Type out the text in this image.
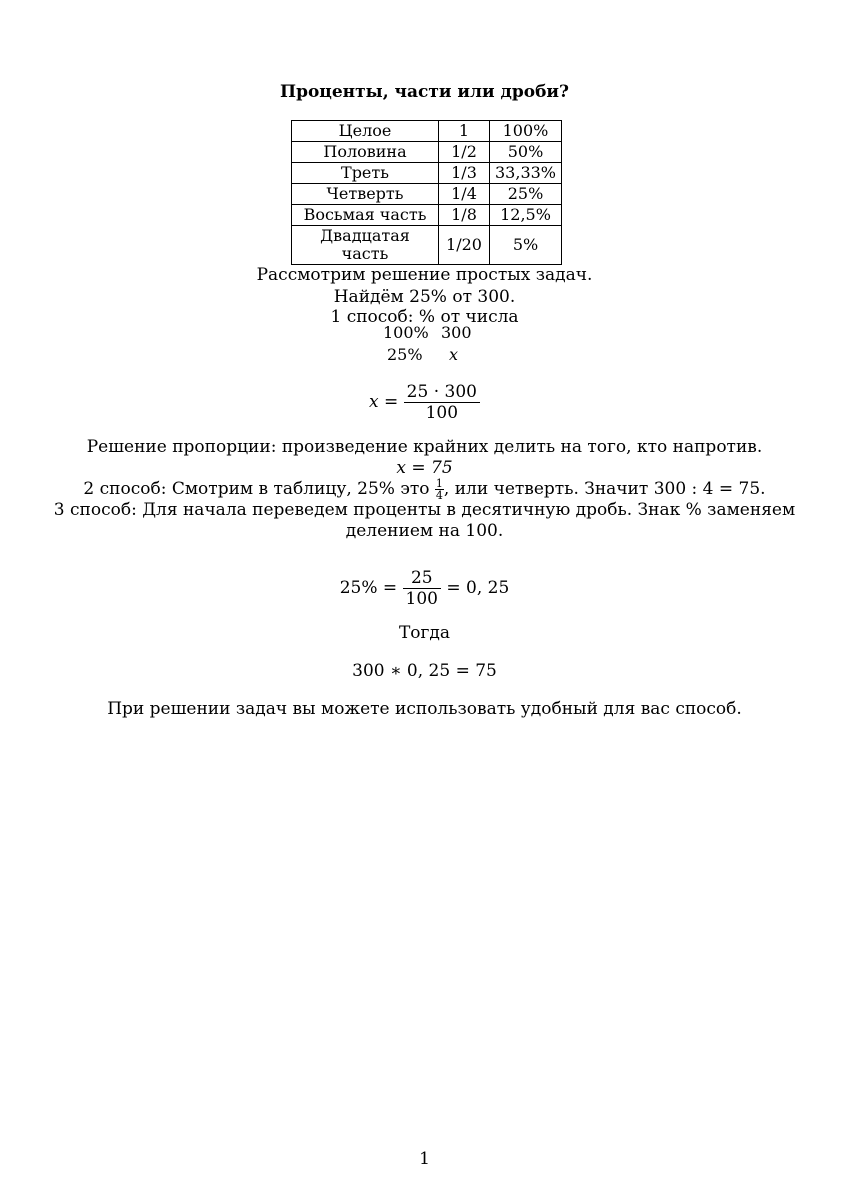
Проценты, части или дроби?
Целое	1	100%
Половина	1/2	50%
Треть	1/3	33,33%
Четверть	1/4	25%
Восьмая часть	1/8	12,5%
Двадцатая часть	1/20	5%
Рассмотрим решение простых задач.
Найдём 25% от 300.
1 способ: % от числа
100% 300
25% x
$x = \frac{25 \cdot 300}{100}$
Решение пропорции: произведение крайних делить на того, кто напротив.
x = 75
2 способ: Смотрим в таблицу, 25% это $\frac{1}{4}$ , или четверть. Значит 300 : 4 = 75.
3 способ: Для начала переведем проценты в десятичную дробь. Знак % заменяем
делением на 100.
$25\% = \frac{25}{100} = 0$, 25
Тогда
300 ∗ 0, 25 = 75
При решении задач вы можете использовать удобный для вас способ.
1
